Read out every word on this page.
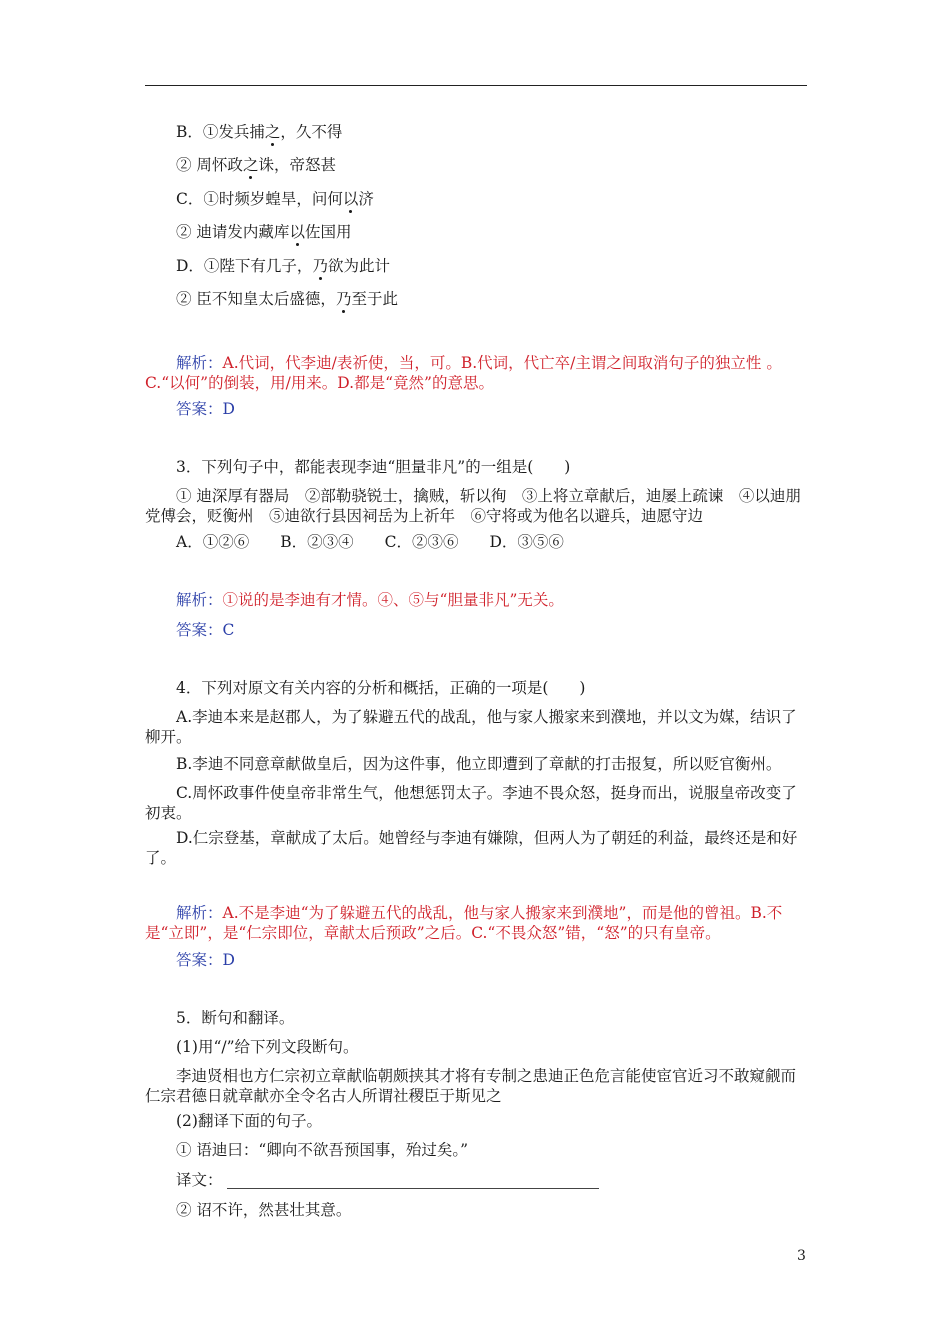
B．①发兵捕之，久不得
② 周怀政之诛，帝怒甚
C．①时频岁蝗旱，问何以济
② 迪请发内藏库以佐国用
D．①陛下有几子，乃欲为此计
② 臣不知皇太后盛德，乃至于此
解析：A.代词，代李迪/表祈使，当，可。B.代词，代亡卒/主谓之间取消句子的独立性 。C.“以何”的倒装，用/用来。D.都是“竟然”的意思。
答案：D
3．下列句子中，都能表现李迪“胆量非凡”的一组是(　　)
① 迪深厚有器局　②部勒骁锐士，擒贼，斩以徇　③上将立章献后，迪屡上疏谏　④以迪朋党傅会，贬衡州　⑤迪欲行县因祠岳为上祈年　⑥守将或为他名以避兵，迪愿守边
A．①②⑥　　B．②③④　　C．②③⑥　　D．③⑤⑥
解析：①说的是李迪有才情。④、⑤与“胆量非凡”无关。
答案：C
4．下列对原文有关内容的分析和概括，正确的一项是(　　)
A.李迪本来是赵郡人，为了躲避五代的战乱，他与家人搬家来到濮地，并以文为媒，结识了柳开。
B.李迪不同意章献做皇后，因为这件事，他立即遭到了章献的打击报复，所以贬官衡州。
C.周怀政事件使皇帝非常生气，他想惩罚太子。李迪不畏众怒，挺身而出，说服皇帝改变了初衷。
D.仁宗登基，章献成了太后。她曾经与李迪有嫌隙，但两人为了朝廷的利益，最终还是和好了。
解析：A.不是李迪“为了躲避五代的战乱，他与家人搬家来到濮地”，而是他的曾祖。B.不是“立即”，是“仁宗即位，章献太后预政”之后。C.“不畏众怒”错，“怒”的只有皇帝。
答案：D
5．断句和翻译。
(1)用“/”给下列文段断句。
李迪贤相也方仁宗初立章献临朝颇挟其才将有专制之患迪正色危言能使宦官近习不敢窥觎而仁宗君德日就章献亦全令名古人所谓社稷臣于斯见之
(2)翻译下面的句子。
① 语迪曰：“卿向不欲吾预国事，殆过矣。”
译文：
② 诏不许，然甚壮其意。
3
